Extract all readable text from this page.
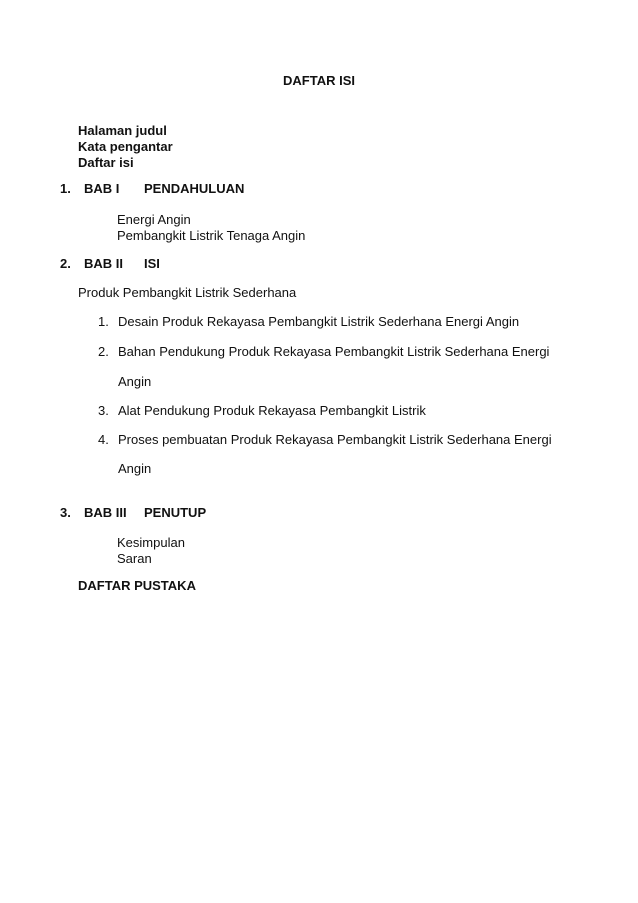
DAFTAR ISI
Halaman judul
Kata pengantar
Daftar isi
1. BAB I PENDAHULUAN
Energi Angin
Pembangkit Listrik Tenaga Angin
2. BAB II ISI
Produk Pembangkit Listrik Sederhana
1. Desain Produk Rekayasa Pembangkit Listrik Sederhana Energi Angin
2. Bahan Pendukung Produk Rekayasa Pembangkit Listrik Sederhana Energi
Angin
3. Alat Pendukung Produk Rekayasa Pembangkit Listrik
4. Proses pembuatan Produk Rekayasa Pembangkit Listrik Sederhana Energi
Angin
3. BAB III PENUTUP
Kesimpulan
Saran
DAFTAR PUSTAKA
